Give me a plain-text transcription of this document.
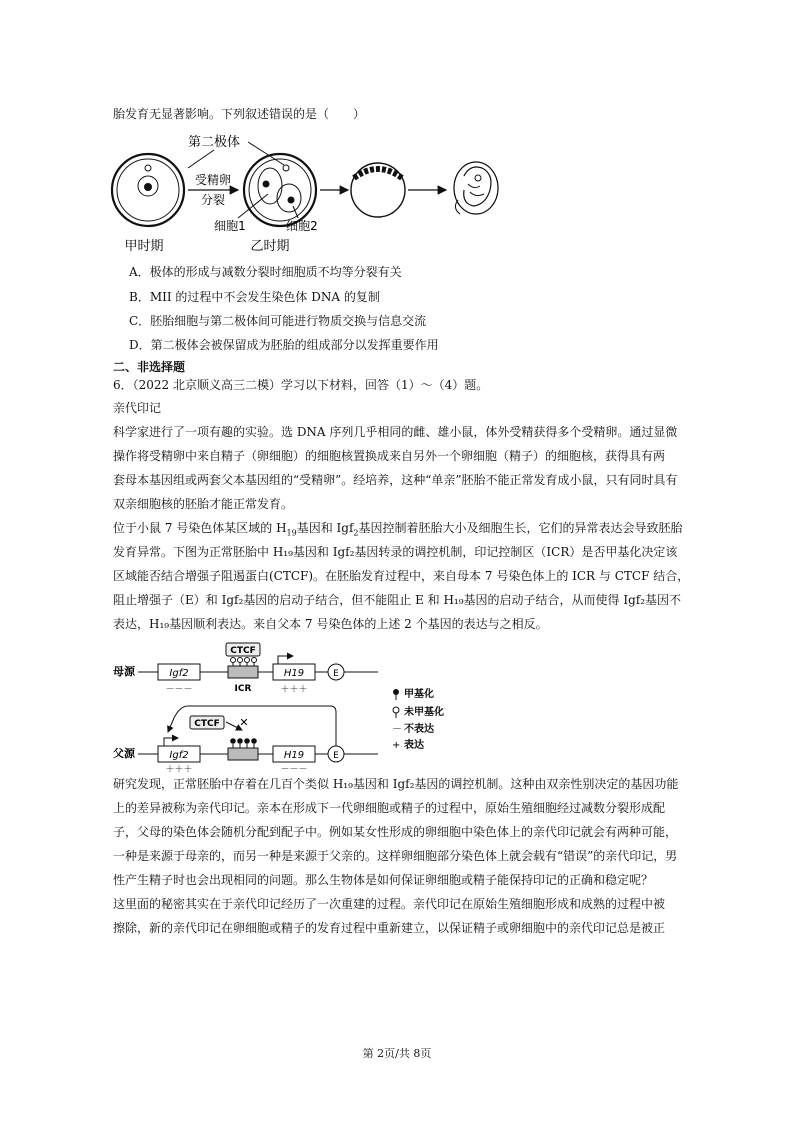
胎发育无显著影响。下列叙述错误的是（　　）
受精卵
分裂
第二极体
细胞1	细胞2
甲时期	乙时期
A．极体的形成与减数分裂时细胞质不均等分裂有关
B．MII 的过程中不会发生染色体 DNA 的复制
C．胚胎细胞与第二极体间可能进行物质交换与信息交流
D．第二极体会被保留成为胚胎的组成部分以发挥重要作用
二、非选择题
6．（2022 北京顺义高三二模）学习以下材料，回答（1）～（4）题。
亲代印记
科学家进行了一项有趣的实验。选 DNA 序列几乎相同的雌、雄小鼠，体外受精获得多个受精卵。通过显微
操作将受精卵中来自精子（卵细胞）的细胞核置换成来自另外一个卵细胞（精子）的细胞核，获得具有两
套母本基因组或两套父本基因组的“受精卵”。经培养，这种“单亲”胚胎不能正常发育成小鼠，只有同时具有
双亲细胞核的胚胎才能正常发育。
位于小鼠 7 号染色体某区域的 $H_{19}$基因和 Igf$_2$基因控制着胚胎大小及细胞生长，它们的异常表达会导致胚胎
发育异常。下图为正常胚胎中 H₁₉基因和 Igf₂基因转录的调控机制，印记控制区（ICR）是否甲基化决定该
区域能否结合增强子阻遏蛋白(CTCF)。在胚胎发育过程中，来自母本 7 号染色体上的 ICR 与 CTCF 结合，
阻止增强子（E）和 Igf₂基因的启动子结合，但不能阻止 E 和 H₁₉基因的启动子结合，从而使得 Igf₂基因不
表达，H₁₉基因顺利表达。来自父本 7 号染色体的上述 2 个基因的表达与之相反。
母源	Igf2
－－－
CTCF
ICR
H19
＋＋＋
E
甲基化
未甲基化
－ 不表达
+ 表达
父源	Igf2
＋＋＋
CTCF ✕
H19
－－－
E
研究发现，正常胚胎中存着在几百个类似 H₁₉基因和 Igf₂基因的调控机制。这种由双亲性别决定的基因功能
上的差异被称为亲代印记。亲本在形成下一代卵细胞或精子的过程中，原始生殖细胞经过减数分裂形成配
子，父母的染色体会随机分配到配子中。例如某女性形成的卵细胞中染色体上的亲代印记就会有两种可能，
一种是来源于母亲的，而另一种是来源于父亲的。这样卵细胞部分染色体上就会载有“错误”的亲代印记，男
性产生精子时也会出现相同的问题。那么生物体是如何保证卵细胞或精子能保持印记的正确和稳定呢？
这里面的秘密其实在于亲代印记经历了一次重建的过程。亲代印记在原始生殖细胞形成和成熟的过程中被
擦除，新的亲代印记在卵细胞或精子的发育过程中重新建立，以保证精子或卵细胞中的亲代印记总是被正
第 2页/共 8页
